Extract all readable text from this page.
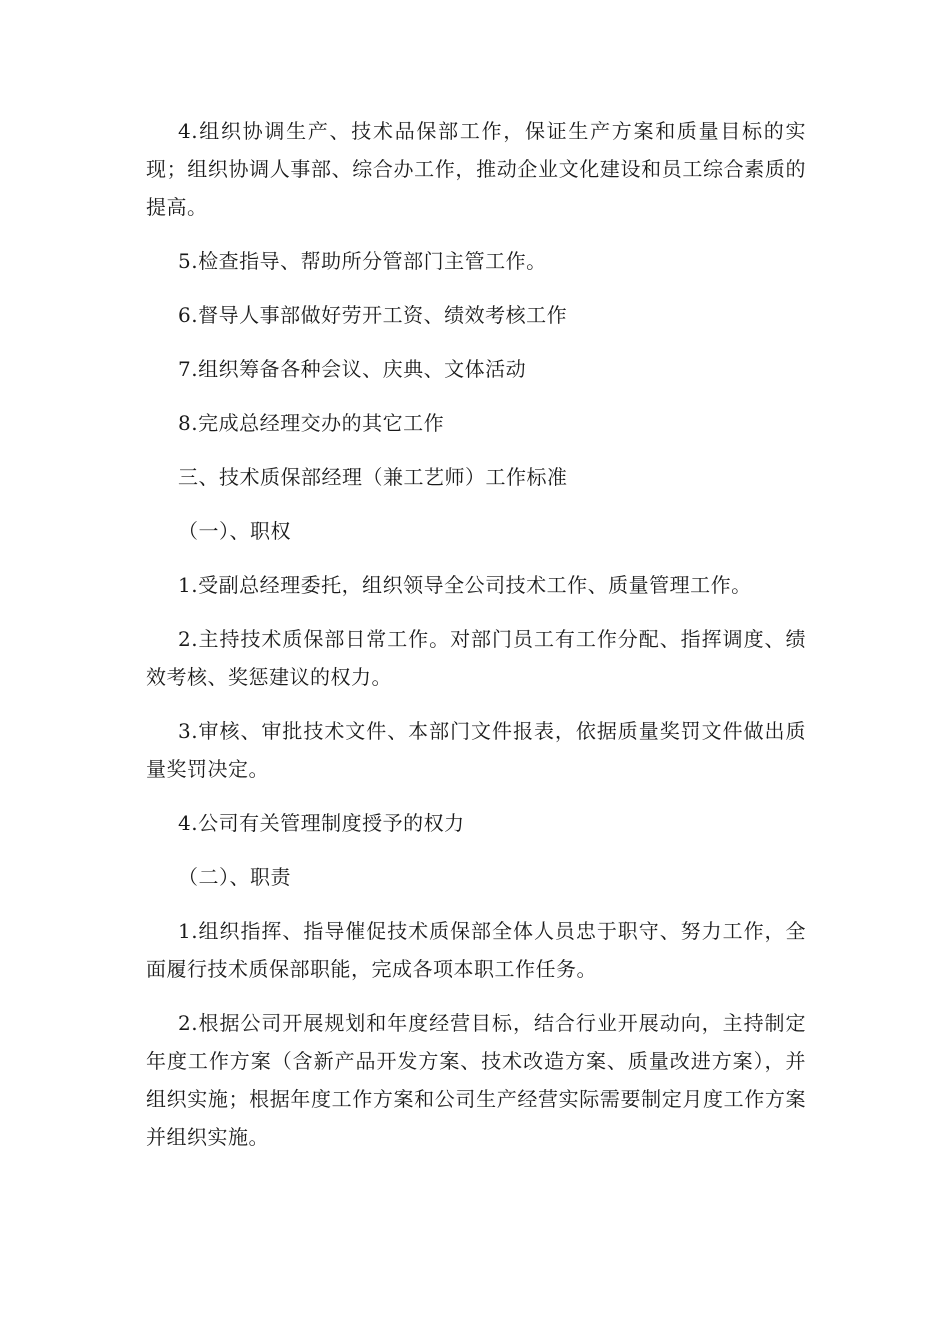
4.组织协调生产、技术品保部工作，保证生产方案和质量目标的实现；组织协调人事部、综合办工作，推动企业文化建设和员工综合素质的提高。

5.检查指导、帮助所分管部门主管工作。

6.督导人事部做好劳开工资、绩效考核工作

7.组织筹备各种会议、庆典、文体活动

8.完成总经理交办的其它工作

三、技术质保部经理（兼工艺师）工作标准

（一）、职权

1.受副总经理委托，组织领导全公司技术工作、质量管理工作。

2.主持技术质保部日常工作。对部门员工有工作分配、指挥调度、绩效考核、奖惩建议的权力。

3.审核、审批技术文件、本部门文件报表，依据质量奖罚文件做出质量奖罚决定。

4.公司有关管理制度授予的权力

（二）、职责

1.组织指挥、指导催促技术质保部全体人员忠于职守、努力工作，全面履行技术质保部职能，完成各项本职工作任务。

2.根据公司开展规划和年度经营目标，结合行业开展动向，主持制定年度工作方案（含新产品开发方案、技术改造方案、质量改进方案），并组织实施；根据年度工作方案和公司生产经营实际需要制定月度工作方案并组织实施。
